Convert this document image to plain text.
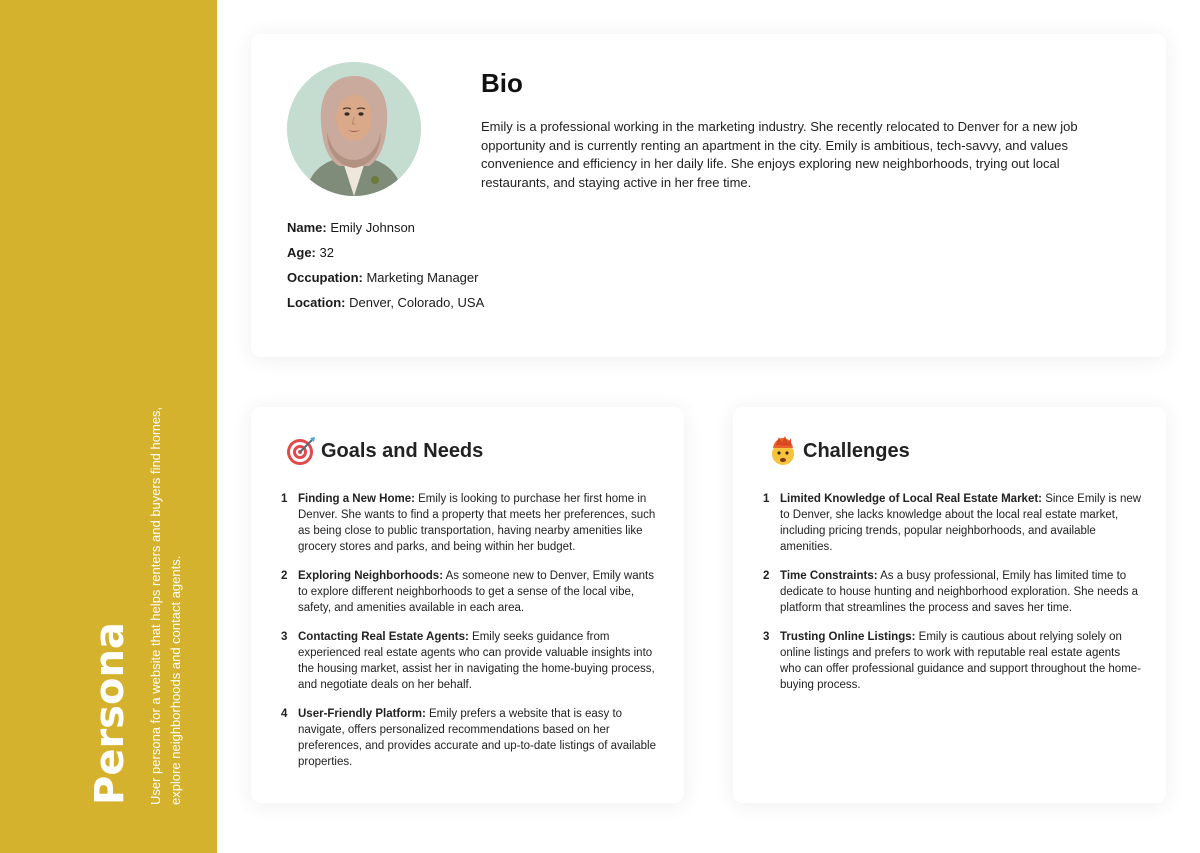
Persona User persona for a website that helps renters and buyers find homes, explore neighborhoods and contact agents.
Bio
Emily is a professional working in the marketing industry. She recently relocated to Denver for a new job opportunity and is currently renting an apartment in the city. Emily is ambitious, tech-savvy, and values convenience and efficiency in her daily life. She enjoys exploring new neighborhoods, trying out local restaurants, and staying active in her free time.
Name: Emily Johnson
Age: 32
Occupation: Marketing Manager
Location: Denver, Colorado, USA
Goals and Needs
1 Finding a New Home: Emily is looking to purchase her first home in Denver. She wants to find a property that meets her preferences, such as being close to public transportation, having nearby amenities like grocery stores and parks, and being within her budget.
2 Exploring Neighborhoods: As someone new to Denver, Emily wants to explore different neighborhoods to get a sense of the local vibe, safety, and amenities available in each area.
3 Contacting Real Estate Agents: Emily seeks guidance from experienced real estate agents who can provide valuable insights into the housing market, assist her in navigating the home-buying process, and negotiate deals on her behalf.
4 User-Friendly Platform: Emily prefers a website that is easy to navigate, offers personalized recommendations based on her preferences, and provides accurate and up-to-date listings of available properties.
Challenges
1 Limited Knowledge of Local Real Estate Market: Since Emily is new to Denver, she lacks knowledge about the local real estate market, including pricing trends, popular neighborhoods, and available amenities.
2 Time Constraints: As a busy professional, Emily has limited time to dedicate to house hunting and neighborhood exploration. She needs a platform that streamlines the process and saves her time.
3 Trusting Online Listings: Emily is cautious about relying solely on online listings and prefers to work with reputable real estate agents who can offer professional guidance and support throughout the home-buying process.
